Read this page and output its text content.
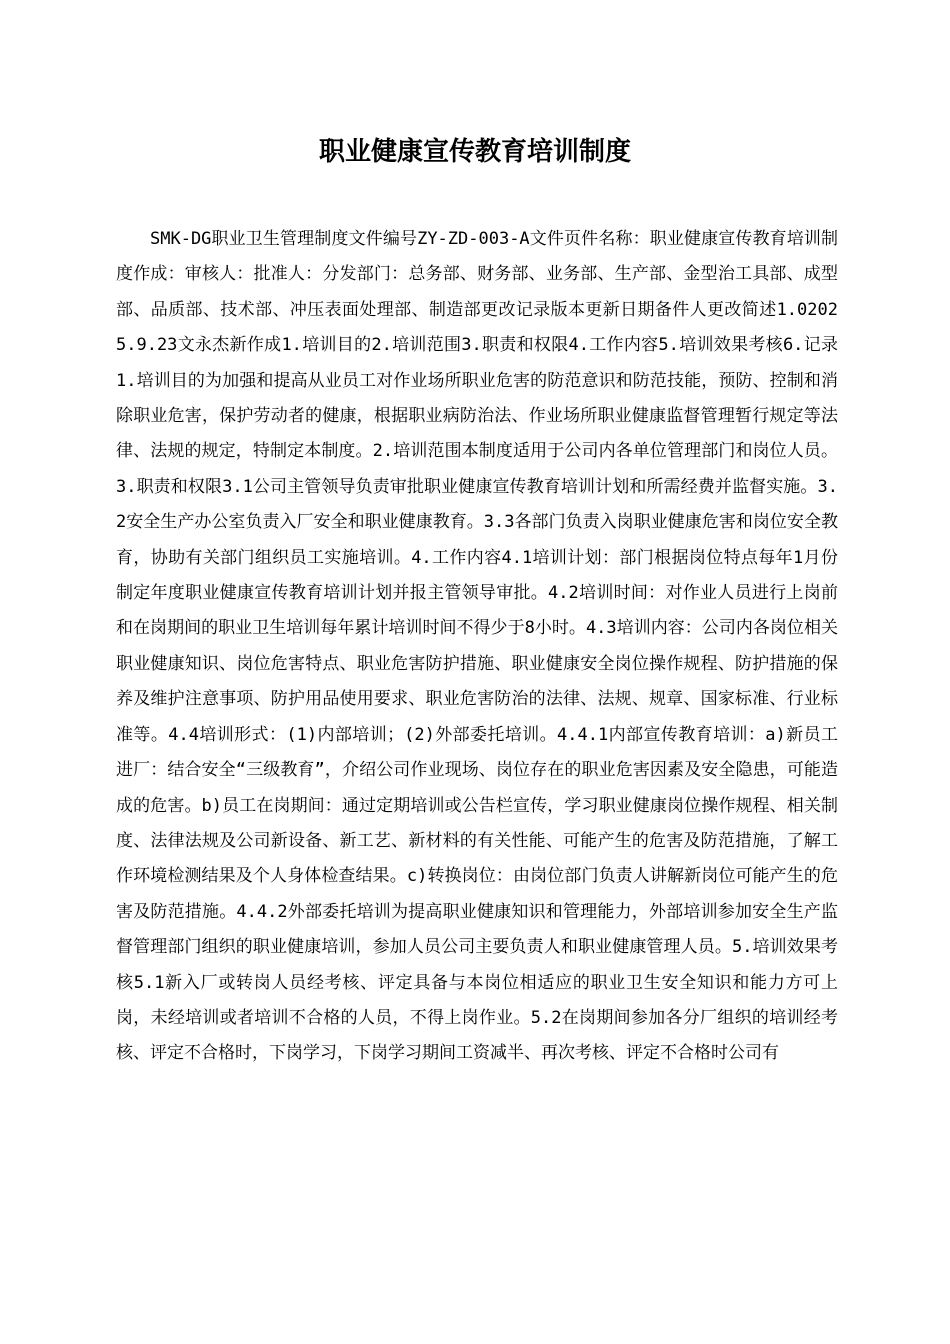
职业健康宣传教育培训制度

SMK-DG职业卫生管理制度文件编号ZY-ZD-003-A文件页件名称：职业健康宣传教育培训制度作成：审核人：批准人：分发部门：总务部、财务部、业务部、生产部、金型治工具部、成型部、品质部、技术部、冲压表面处理部、制造部更改记录版本更新日期备件人更改简述1.02025.9.23文永杰新作成1.培训目的2.培训范围3.职责和权限4.工作内容5.培训效果考核6.记录1.培训目的为加强和提高从业员工对作业场所职业危害的防范意识和防范技能，预防、控制和消除职业危害，保护劳动者的健康，根据职业病防治法、作业场所职业健康监督管理暂行规定等法律、法规的规定，特制定本制度。2.培训范围本制度适用于公司内各单位管理部门和岗位人员。3.职责和权限3.1公司主管领导负责审批职业健康宣传教育培训计划和所需经费并监督实施。3.2安全生产办公室负责入厂安全和职业健康教育。3.3各部门负责入岗职业健康危害和岗位安全教育，协助有关部门组织员工实施培训。4.工作内容4.1培训计划：部门根据岗位特点每年1月份制定年度职业健康宣传教育培训计划并报主管领导审批。4.2培训时间：对作业人员进行上岗前和在岗期间的职业卫生培训每年累计培训时间不得少于8小时。4.3培训内容：公司内各岗位相关职业健康知识、岗位危害特点、职业危害防护措施、职业健康安全岗位操作规程、防护措施的保养及维护注意事项、防护用品使用要求、职业危害防治的法律、法规、规章、国家标准、行业标准等。4.4培训形式：(1)内部培训；(2)外部委托培训。4.4.1内部宣传教育培训：a)新员工进厂：结合安全“三级教育”，介绍公司作业现场、岗位存在的职业危害因素及安全隐患，可能造成的危害。b)员工在岗期间：通过定期培训或公告栏宣传，学习职业健康岗位操作规程、相关制度、法律法规及公司新设备、新工艺、新材料的有关性能、可能产生的危害及防范措施，了解工作环境检测结果及个人身体检查结果。c)转换岗位：由岗位部门负责人讲解新岗位可能产生的危害及防范措施。4.4.2外部委托培训为提高职业健康知识和管理能力，外部培训参加安全生产监督管理部门组织的职业健康培训，参加人员公司主要负责人和职业健康管理人员。5.培训效果考核5.1新入厂或转岗人员经考核、评定具备与本岗位相适应的职业卫生安全知识和能力方可上岗，未经培训或者培训不合格的人员，不得上岗作业。5.2在岗期间参加各分厂组织的培训经考核、评定不合格时，下岗学习，下岗学习期间工资减半、再次考核、评定不合格时公司有
